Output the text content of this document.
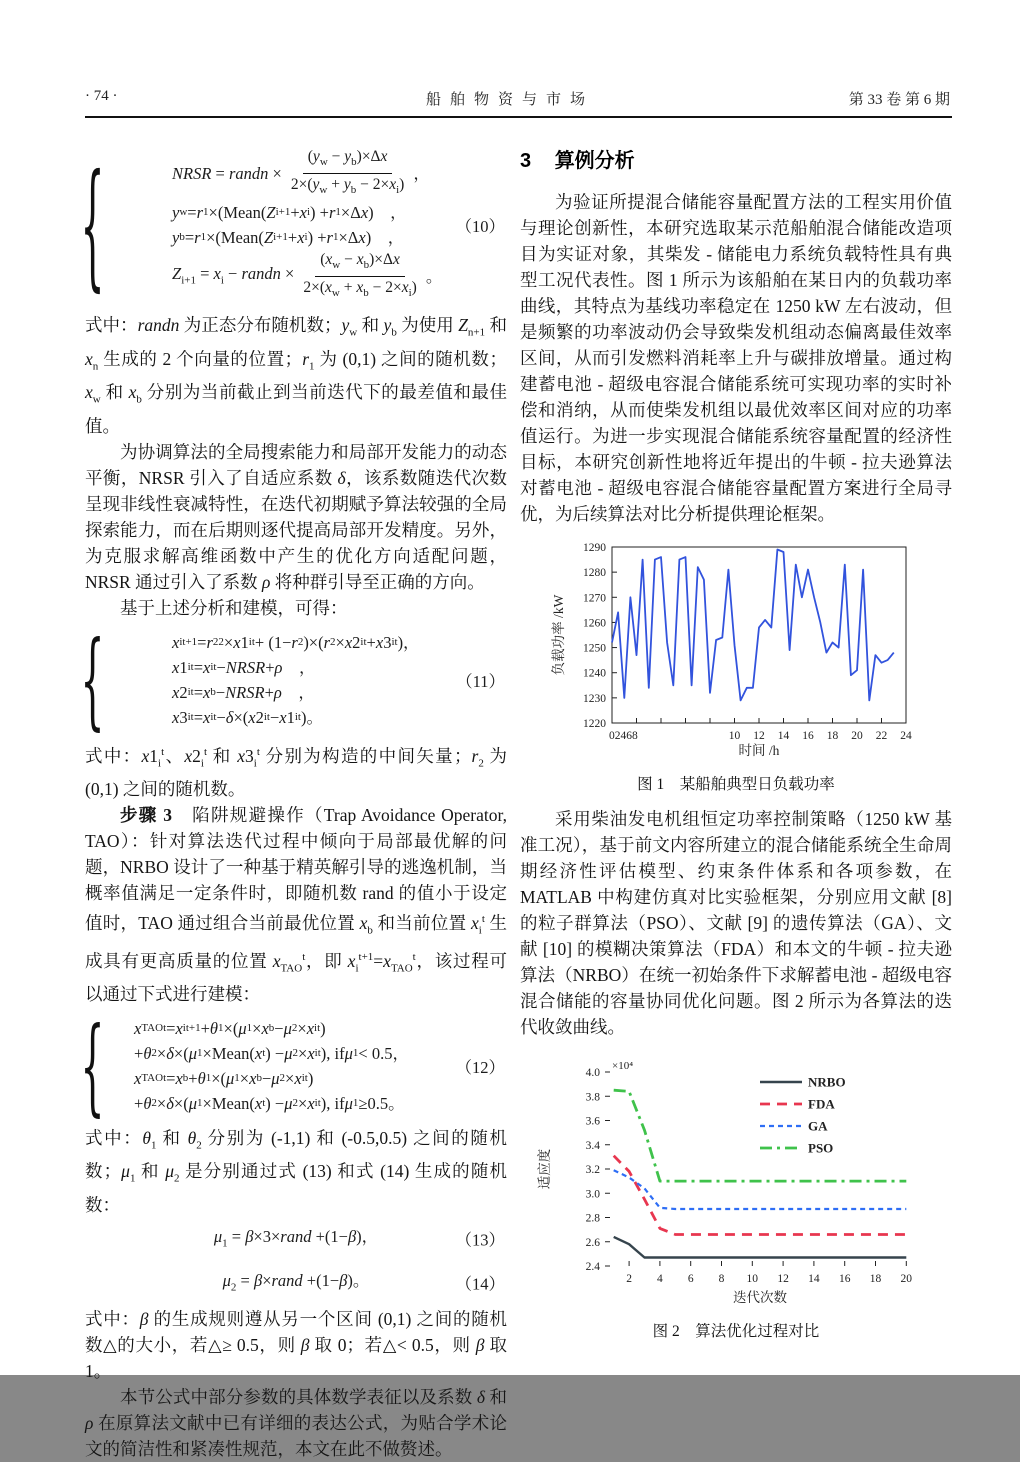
· 74 ·	船舶物资与市场	第 33 卷 第 6 期
{	NRSR = randn × $\frac{(y_w - y_b)\times\Delta x}{2\times(y_w + y_b - 2\times x_i)}$ ，
y w = r 1 ×(Mean( Z i+1 + x i ) + r 1 ×Δ x )　，
y b = r 1 ×(Mean( Z i+1 + x i ) + r 1 ×Δ x )　，
$Z_{i+1} = x_i$ − randn × $\frac{(x_w - x_b)\times\Delta x}{2\times(x_w + x_b - 2\times x_i)}$ 。
（10）

式中：randn 为正态分布随机数；$y_w$ 和 $y_b$ 为使用 $Z_{n+1}$ 和 $x_n$ 生成的 2 个向量的位置；$r_1$ 为 (0,1) 之间的随机数；$x_w$ 和 $x_b$ 分别为当前截止到当前迭代下的最差值和最佳值。

为协调算法的全局搜索能力和局部开发能力的动态平衡，NRSR 引入了自适应系数 δ，该系数随迭代次数呈现非线性衰减特性，在迭代初期赋予算法较强的全局探索能力，而在后期则逐代提高局部开发精度。另外，为克服求解高维函数中产生的优化方向适配问题，NRSR 通过引入了系数 ρ 将种群引导至正确的方向。

基于上述分析和建模，可得：

{	x i t+1 = r 2 2 × x 1 i t + (1− r 2 )×( r 2 × x 2 i t + x 3 i t )，
x 1 i t = x i t − NRSR + ρ 　，
x 2 i t = x b − NRSR + ρ 　，
x 3 i t = x i t − δ ×( x 2 i t − x 1 i t )。
（11）

式中：$x1_i^t$、$x2_i^t$ 和 $x3_i^t$ 分别为构造的中间矢量；$r_2$ 为 (0,1) 之间的随机数。

步骤 3　陷阱规避操作（Trap Avoidance Operator, TAO）：针对算法迭代过程中倾向于局部最优解的问题，NRBO 设计了一种基于精英解引导的逃逸机制，当概率值满足一定条件时，即随机数 rand 的值小于设定值时，TAO 通过组合当前最优位置 $x_b$ 和当前位置 $x_i^t$ 生成具有更高质量的位置 $x_{TAO}^t$，即 $x_i^{t+1}=x_{TAO}^t$，该过程可以通过下式进行建模：

{ x TAO t = x i t+1 + θ 1 ×( μ 1 × x b − μ 2 × x i t )
+ θ 2 × δ ×( μ 1 ×Mean( x t ) − μ 2 × x i t ), if μ 1 < 0.5，
x TAO t = x b + θ 1 ×( μ 1 × x b − μ 2 × x i t )
+ θ 2 × δ ×( μ 1 ×Mean( x t ) − μ 2 × x i t ), if μ 1 ≥0.5。
（12）

式中：$\theta_1$ 和 $\theta_2$ 分别为 (-1,1) 和 (-0.5,0.5) 之间的随机数；$\mu_1$ 和 $\mu_2$ 是分别通过式 (13) 和式 (14) 生成的随机数：

$\mu_1$ = β×3×rand +(1−β)，	（13）
$\mu_2$ = β×rand +(1−β)。	（14）

式中：β 的生成规则遵从另一个区间 (0,1) 之间的随机数△的大小，若△≥ 0.5，则 β 取 0；若△< 0.5，则 β 取 1。

本节公式中部分参数的具体数学表征以及系数 δ 和 ρ 在原算法文献中已有详细的表达公式，为贴合学术论文的简洁性和紧凑性规范，本文在此不做赘述。

3 算例分析

为验证所提混合储能容量配置方法的工程实用价值与理论创新性，本研究选取某示范船舶混合储能改造项目为实证对象，其柴发 - 储能电力系统负载特性具有典型工况代表性。图 1 所示为该船舶在某日内的负载功率曲线，其特点为基线功率稳定在 1250 kW 左右波动，但是频繁的功率波动仍会导致柴发机组动态偏离最佳效率区间，从而引发燃料消耗率上升与碳排放增量。通过构建蓄电池 - 超级电容混合储能系统可实现功率的实时补偿和消纳，从而使柴发机组以最优效率区间对应的功率值运行。为进一步实现混合储能系统容量配置的经济性目标，本研究创新性地将近年提出的牛顿 - 拉夫逊算法对蓄电池 - 超级电容混合储能容量配置方案进行全局寻优，为后续算法对比分析提供理论框架。

1220
1230
1240
1250
1260
1270
1280
1290
10 12 14 16 18 20 22 24
02468
时间 /h
负载功率 /kW
图 1　某船舶典型日负载功率

采用柴油发电机组恒定功率控制策略（1250 kW 基准工况），基于前文内容所建立的混合储能系统全生命周期经济性评估模型、约束条件体系和各项参数，在 MATLAB 中构建仿真对比实验框架，分别应用文献 [8] 的粒子群算法（PSO）、文献 [9] 的遗传算法（GA）、文献 [10] 的模糊决策算法（FDA）和本文的牛顿 - 拉夫逊算法（NRBO）在统一初始条件下求解蓄电池 - 超级电容混合储能的容量协同优化问题。图 2 所示为各算法的迭代收敛曲线。

2.4
2.6
2.8
3.0
3.2
3.4
3.6
3.8
4.0
2 4 6 8 10 12 14 16 18 20
×10⁴
迭代次数
适应度
NRBO
FDA
GA
PSO
图 2　算法优化过程对比
